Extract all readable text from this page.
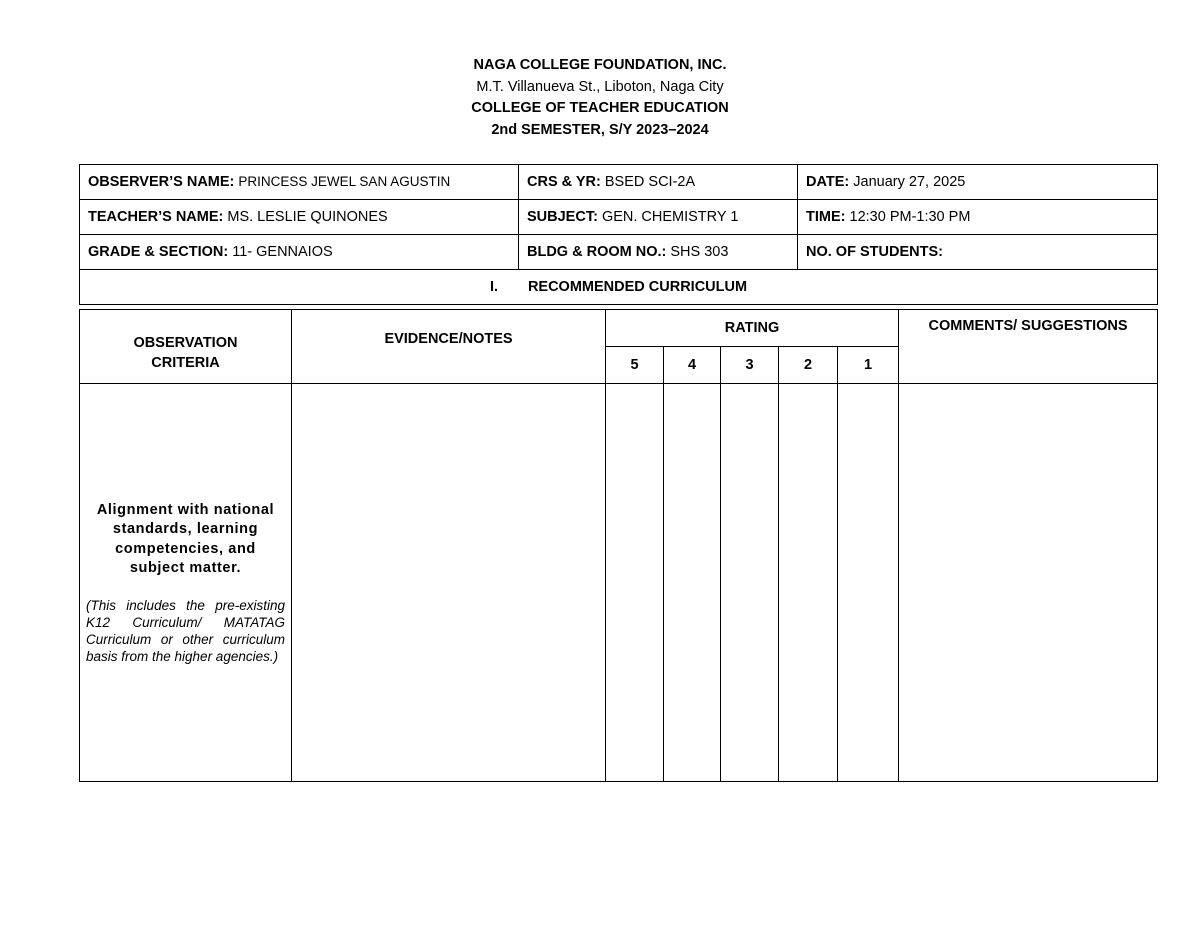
NAGA COLLEGE FOUNDATION, INC.
M.T. Villanueva St., Liboton, Naga City
COLLEGE OF TEACHER EDUCATION
2nd SEMESTER, S/Y 2023–2024
OBSERVER’S NAME: PRINCESS JEWEL SAN AGUSTIN	CRS & YR: BSED SCI-2A	DATE: January 27, 2025
TEACHER’S NAME: MS. LESLIE QUINONES	SUBJECT: GEN. CHEMISTRY 1	TIME: 12:30 PM-1:30 PM
GRADE & SECTION: 11- GENNAIOS	BLDG & ROOM NO.: SHS 303	NO. OF STUDENTS:
I. RECOMMENDED CURRICULUM		
OBSERVATION CRITERIA	EVIDENCE/NOTES	RATING					COMMENTS/ SUGGESTIONS
		5	4	3	2	1	

Alignment with national standards, learning competencies, and subject matter.
(This includes the pre-existing K12 Curriculum/ MATATAG Curriculum or other curriculum basis from the higher agencies.)							
